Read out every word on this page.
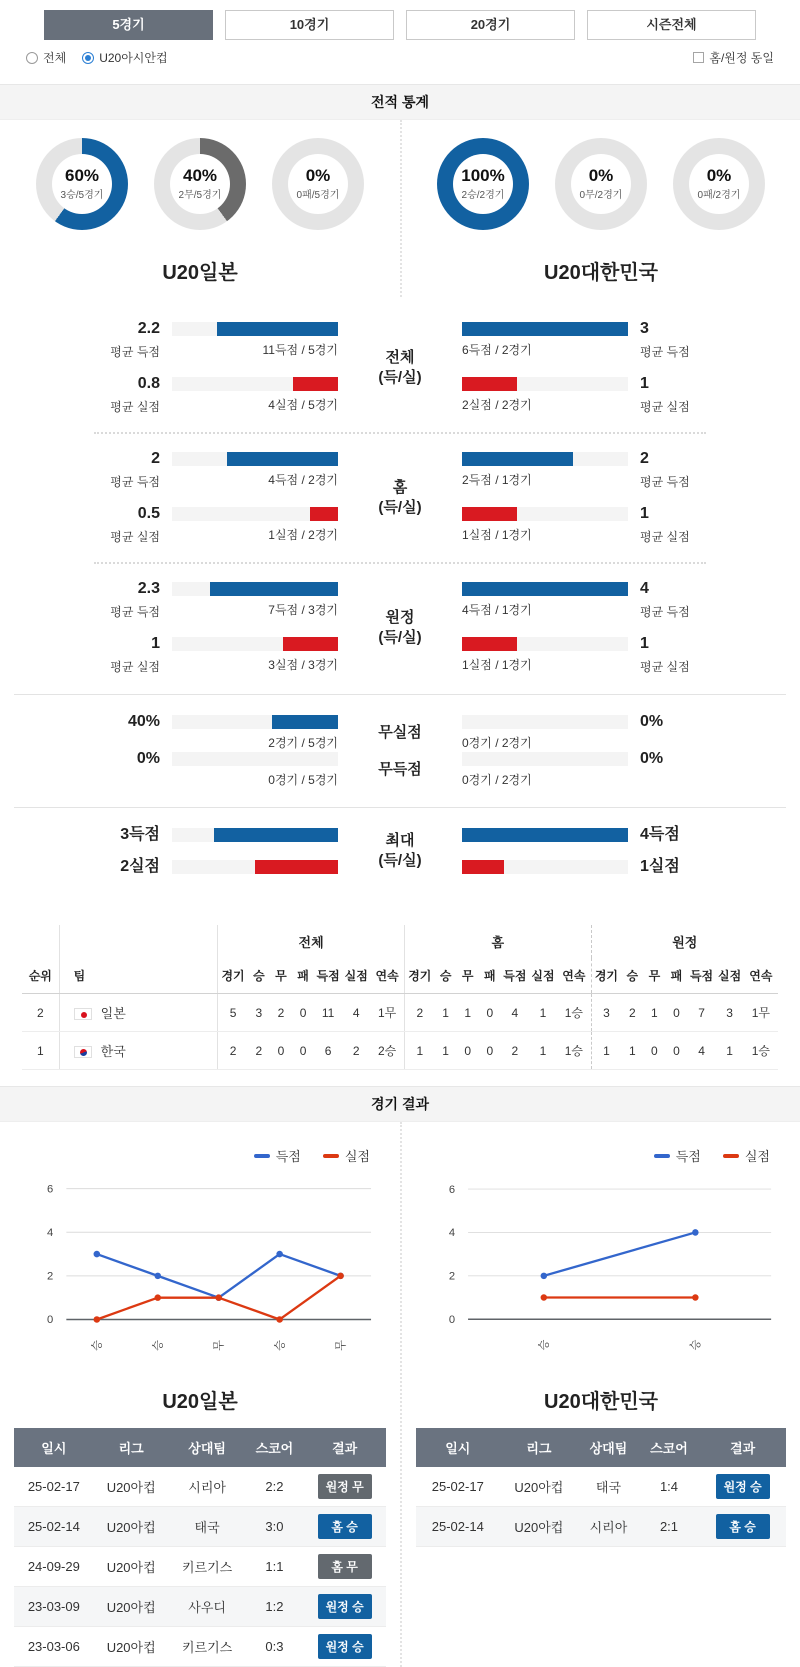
5경기	10경기	20경기	시즌전체
전체	U20아시안컵	홈/원정 동일
전적 통계
60%
3승/5경기
40%
2무/5경기
0%
0패/5경기
U20일본
100%
2승/2경기
0%
0무/2경기
0%
0패/2경기
U20대한민국
2.2
평균 득점	11득점 / 5경기	6득점 / 2경기
3
평균 득점
0.8
평균 실점	4실점 / 5경기	2실점 / 2경기
1
평균 실점
전체
(득/실)
2
평균 득점	4득점 / 2경기	2득점 / 1경기
2
평균 득점
0.5
평균 실점	1실점 / 2경기	1실점 / 1경기
1
평균 실점
홈
(득/실)
2.3
평균 득점	7득점 / 3경기	4득점 / 1경기
4
평균 득점
1
평균 실점	3실점 / 3경기	1실점 / 1경기
1
평균 실점
원정
(득/실)
40%
2경기 / 5경기	0경기 / 2경기
0%
무실점
0%
0경기 / 5경기	0경기 / 2경기
0%
무득점
3득점	4득점
2실점	1실점
최대
(득/실)
		전체							홈							원정						
순위	팀	경기	승	무	패	득점	실점	연속	경기	승	무	패	득점	실점	연속	경기	승	무	패	득점	실점	연속
2	일본	5	3	2	0	11	4	1무	2	1	1	0	4	1	1승	3	2	1	0	7	3	1무
1	한국	2	2	0	0	6	2	2승	1	1	0	0	2	1	1승	1	1	0	0	4	1	1승
경기 결과
득점	실점
0
2
4
6
승	승	무	승	무
U20일본
일시	리그	상대팀	스코어	결과
25-02-17	U20아컵	시리아	2:2	원정 무
25-02-14	U20아컵	태국	3:0	홈 승
24-09-29	U20아컵	키르기스	1:1	홈 무
23-03-09	U20아컵	사우디	1:2	원정 승
23-03-06	U20아컵	키르기스	0:3	원정 승
득점	실점
0
2
4
6
승	승
U20대한민국
일시	리그	상대팀	스코어	결과
25-02-17	U20아컵	태국	1:4	원정 승
25-02-14	U20아컵	시리아	2:1	홈 승
